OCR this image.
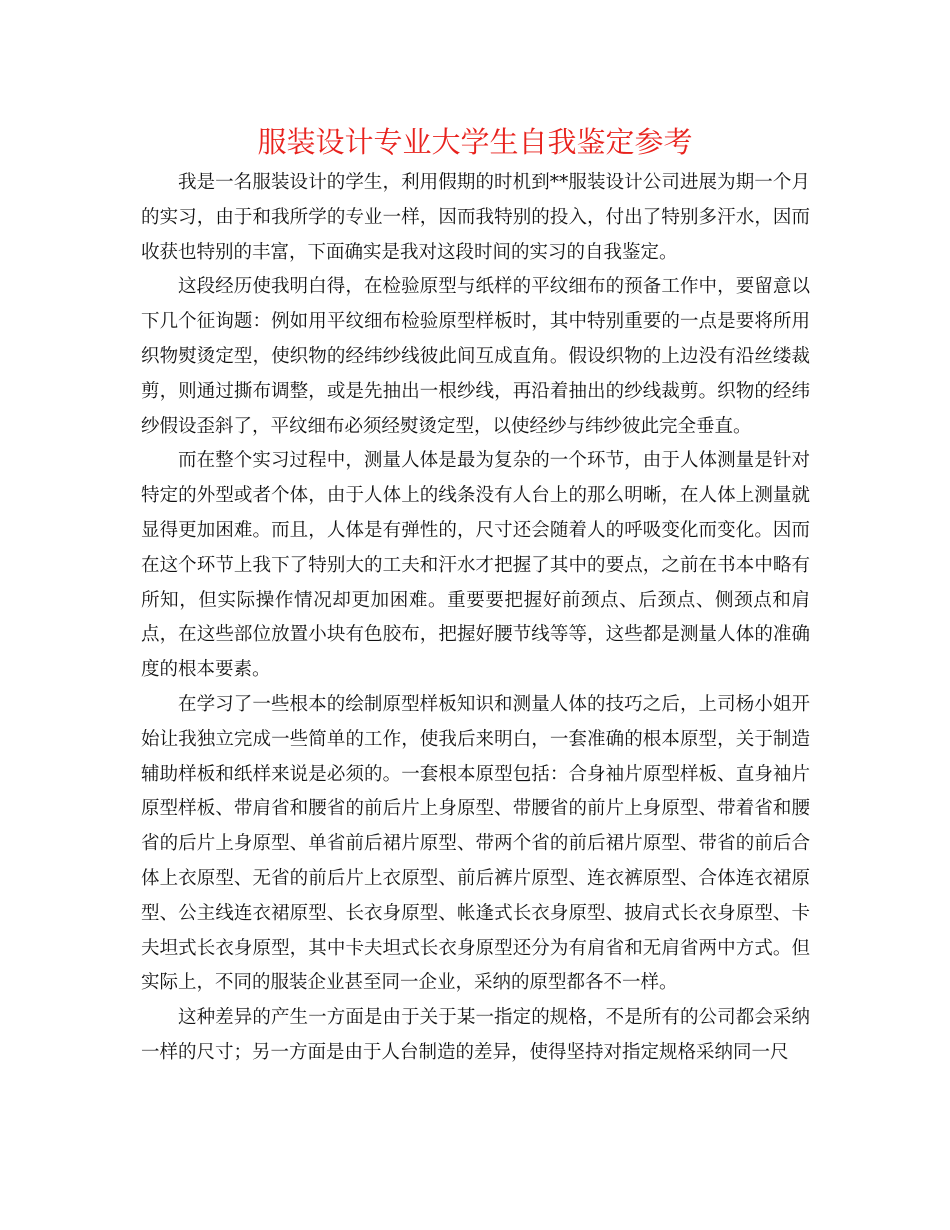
服装设计专业大学生自我鉴定参考

我是一名服装设计的学生，利用假期的时机到**服装设计公司进展为期一个月的实习，由于和我所学的专业一样，因而我特别的投入，付出了特别多汗水，因而收获也特别的丰富，下面确实是我对这段时间的实习的自我鉴定。

这段经历使我明白得，在检验原型与纸样的平纹细布的预备工作中，要留意以下几个征询题：例如用平纹细布检验原型样板时，其中特别重要的一点是要将所用织物熨烫定型，使织物的经纬纱线彼此间互成直角。假设织物的上边没有沿丝缕裁剪，则通过撕布调整，或是先抽出一根纱线，再沿着抽出的纱线裁剪。织物的经纬纱假设歪斜了，平纹细布必须经熨烫定型，以使经纱与纬纱彼此完全垂直。

而在整个实习过程中，测量人体是最为复杂的一个环节，由于人体测量是针对特定的外型或者个体，由于人体上的线条没有人台上的那么明晰，在人体上测量就显得更加困难。而且，人体是有弹性的，尺寸还会随着人的呼吸变化而变化。因而在这个环节上我下了特别大的工夫和汗水才把握了其中的要点，之前在书本中略有所知，但实际操作情况却更加困难。重要要把握好前颈点、后颈点、侧颈点和肩点，在这些部位放置小块有色胶布，把握好腰节线等等，这些都是测量人体的准确度的根本要素。

在学习了一些根本的绘制原型样板知识和测量人体的技巧之后，上司杨小姐开始让我独立完成一些简单的工作，使我后来明白，一套准确的根本原型，关于制造辅助样板和纸样来说是必须的。一套根本原型包括：合身袖片原型样板、直身袖片原型样板、带肩省和腰省的前后片上身原型、带腰省的前片上身原型、带着省和腰省的后片上身原型、单省前后裙片原型、带两个省的前后裙片原型、带省的前后合体上衣原型、无省的前后片上衣原型、前后裤片原型、连衣裤原型、合体连衣裙原型、公主线连衣裙原型、长衣身原型、帐逢式长衣身原型、披肩式长衣身原型、卡夫坦式长衣身原型，其中卡夫坦式长衣身原型还分为有肩省和无肩省两中方式。但实际上，不同的服装企业甚至同一企业，采纳的原型都各不一样。

这种差异的产生一方面是由于关于某一指定的规格，不是所有的公司都会采纳一样的尺寸；另一方面是由于人台制造的差异，使得坚持对指定规格采纳同一尺
